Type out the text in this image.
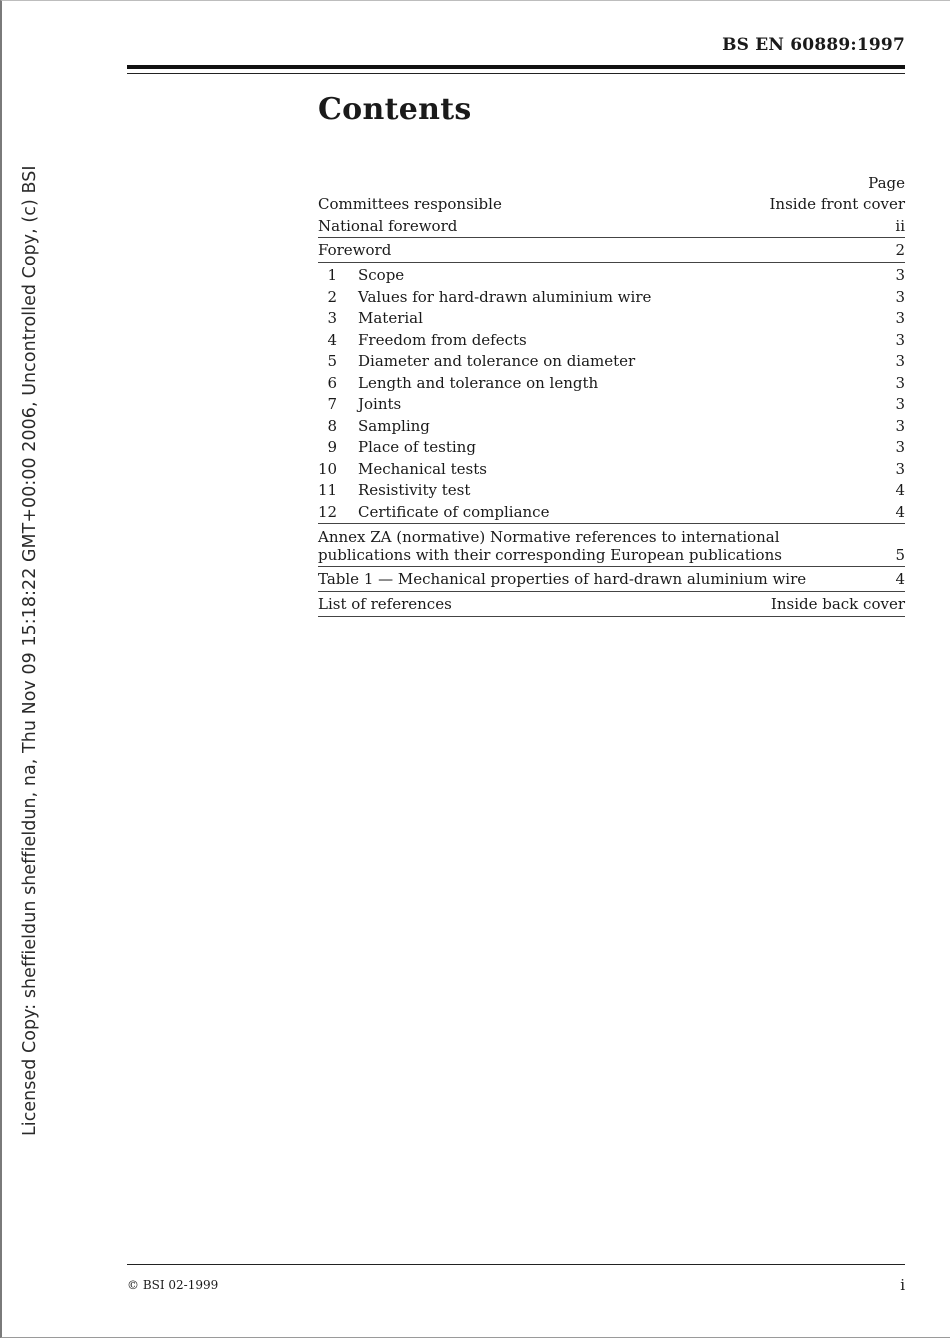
Licensed Copy: sheffieldun sheffieldun, na, Thu Nov 09 15:18:22 GMT+00:00 2006, Uncontrolled Copy, (c) BSI
BS EN 60889:1997
Contents
Page
Committees responsible	Inside front cover
National foreword	ii
Foreword	2
1 Scope	3
2 Values for hard-drawn aluminium wire	3
3 Material	3
4 Freedom from defects	3
5 Diameter and tolerance on diameter	3
6 Length and tolerance on length	3
7 Joints	3
8 Sampling	3
9 Place of testing	3
10 Mechanical tests	3
11 Resistivity test	4
12 Certificate of compliance	4
Annex ZA (normative) Normative references to international
publications with their corresponding European publications	5
Table 1 — Mechanical properties of hard-drawn aluminium wire	4
List of references	Inside back cover
© BSI 02-1999	i
